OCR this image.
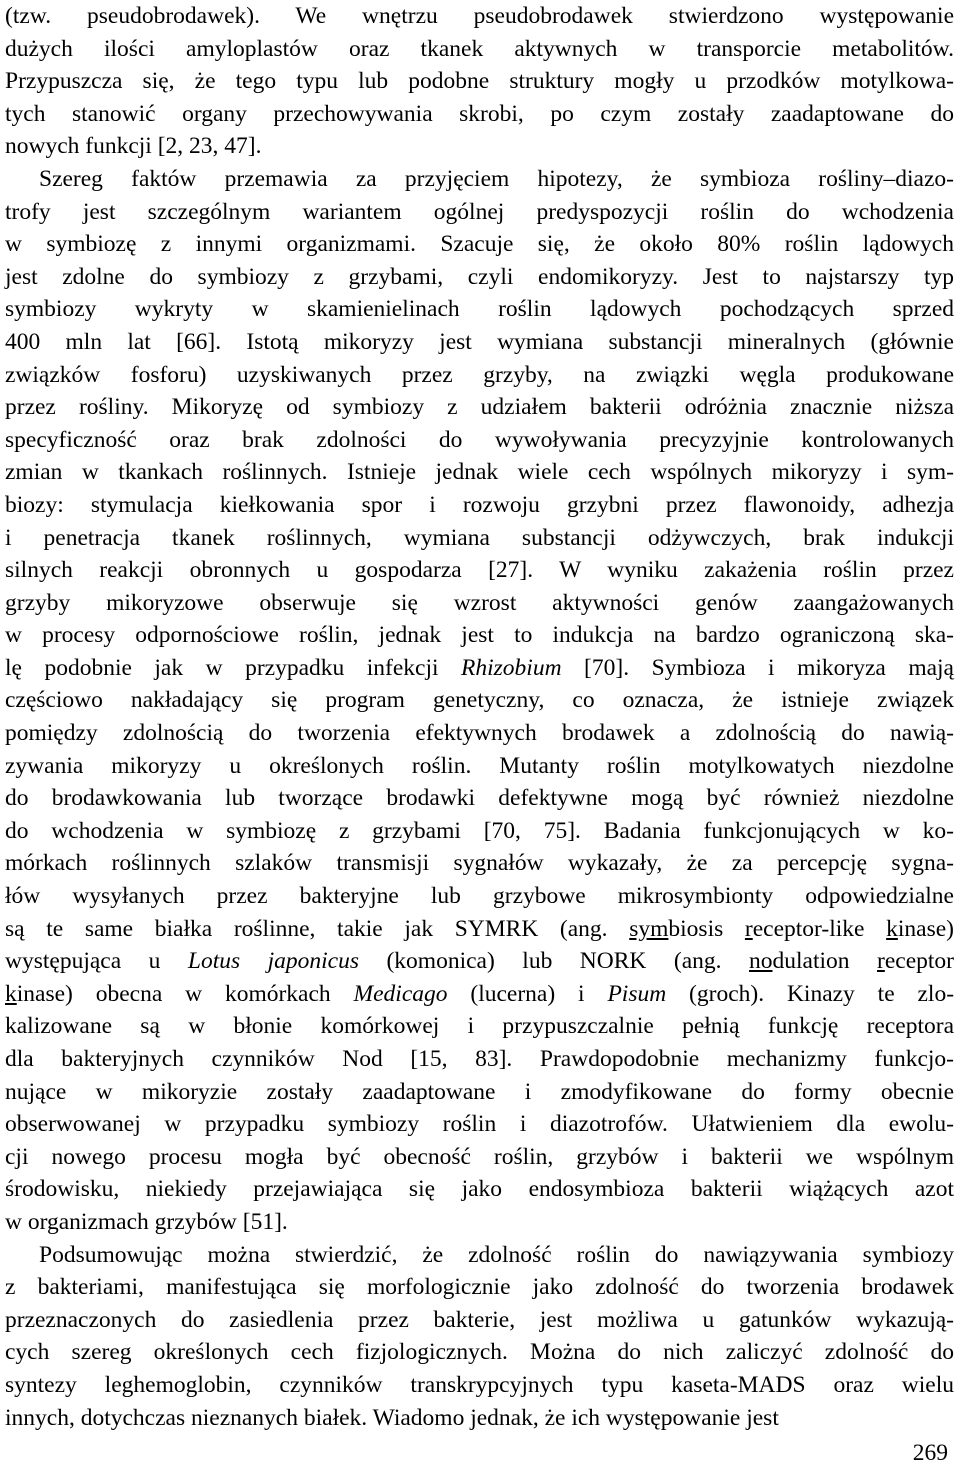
(tzw. pseudobrodawek). We wnętrzu pseudobrodawek stwierdzono występowanie
dużych ilości amyloplastów oraz tkanek aktywnych w transporcie metabolitów.
Przypuszcza się, że tego typu lub podobne struktury mogły u przodków motylkowa-
tych stanowić organy przechowywania skrobi, po czym zostały zaadaptowane do
nowych funkcji [2, 23, 47].
Szereg faktów przemawia za przyjęciem hipotezy, że symbioza rośliny–diazo-
trofy jest szczególnym wariantem ogólnej predyspozycji roślin do wchodzenia
w symbiozę z innymi organizmami. Szacuje się, że około 80% roślin lądowych
jest zdolne do symbiozy z grzybami, czyli endomikoryzy. Jest to najstarszy typ
symbiozy wykryty w skamienielinach roślin lądowych pochodzących sprzed
400 mln lat [66]. Istotą mikoryzy jest wymiana substancji mineralnych (głównie
związków fosforu) uzyskiwanych przez grzyby, na związki węgla produkowane
przez rośliny. Mikoryzę od symbiozy z udziałem bakterii odróżnia znacznie niższa
specyficzność oraz brak zdolności do wywoływania precyzyjnie kontrolowanych
zmian w tkankach roślinnych. Istnieje jednak wiele cech wspólnych mikoryzy i sym-
biozy: stymulacja kiełkowania spor i rozwoju grzybni przez flawonoidy, adhezja
i penetracja tkanek roślinnych, wymiana substancji odżywczych, brak indukcji
silnych reakcji obronnych u gospodarza [27]. W wyniku zakażenia roślin przez
grzyby mikoryzowe obserwuje się wzrost aktywności genów zaangażowanych
w procesy odpornościowe roślin, jednak jest to indukcja na bardzo ograniczoną ska-
lę podobnie jak w przypadku infekcji Rhizobium [70]. Symbioza i mikoryza mają
częściowo nakładający się program genetyczny, co oznacza, że istnieje związek
pomiędzy zdolnością do tworzenia efektywnych brodawek a zdolnością do nawią-
zywania mikoryzy u określonych roślin. Mutanty roślin motylkowatych niezdolne
do brodawkowania lub tworzące brodawki defektywne mogą być również niezdolne
do wchodzenia w symbiozę z grzybami [70, 75]. Badania funkcjonujących w ko-
mórkach roślinnych szlaków transmisji sygnałów wykazały, że za percepcję sygna-
łów wysyłanych przez bakteryjne lub grzybowe mikrosymbionty odpowiedzialne
są te same białka roślinne, takie jak SYMRK (ang. symbiosis receptor-like kinase)
występująca u Lotus japonicus (komonica) lub NORK (ang. nodulation receptor
kinase) obecna w komórkach Medicago (lucerna) i Pisum (groch). Kinazy te zlo-
kalizowane są w błonie komórkowej i przypuszczalnie pełnią funkcję receptora
dla bakteryjnych czynników Nod [15, 83]. Prawdopodobnie mechanizmy funkcjo-
nujące w mikoryzie zostały zaadaptowane i zmodyfikowane do formy obecnie
obserwowanej w przypadku symbiozy roślin i diazotrofów. Ułatwieniem dla ewolu-
cji nowego procesu mogła być obecność roślin, grzybów i bakterii we wspólnym
środowisku, niekiedy przejawiająca się jako endosymbioza bakterii wiążących azot
w organizmach grzybów [51].
Podsumowując można stwierdzić, że zdolność roślin do nawiązywania symbiozy
z bakteriami, manifestująca się morfologicznie jako zdolność do tworzenia brodawek
przeznaczonych do zasiedlenia przez bakterie, jest możliwa u gatunków wykazują-
cych szereg określonych cech fizjologicznych. Można do nich zaliczyć zdolność do
syntezy leghemoglobin, czynników transkrypcyjnych typu kaseta-MADS oraz wielu
innych, dotychczas nieznanych białek. Wiadomo jednak, że ich występowanie jest
269
